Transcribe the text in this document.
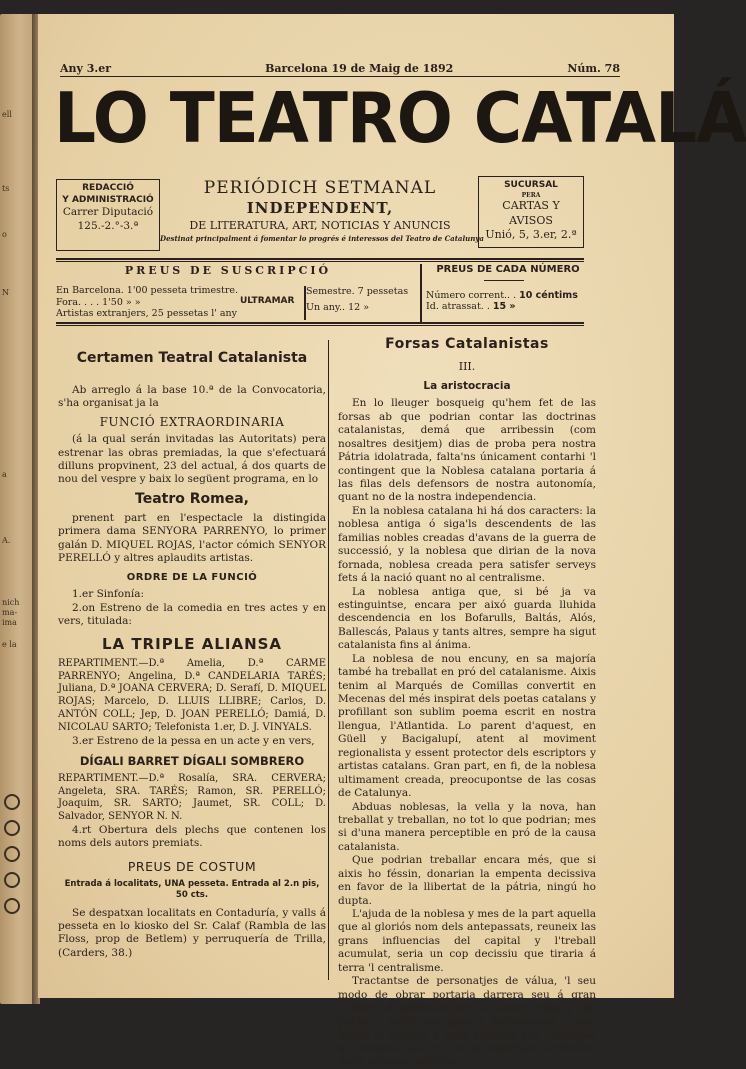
ell
ts
o
N
a
A.
nich
ma-
ima
e la
Any 3.er	Barcelona 19 de Maig de 1892	Núm. 78
LO TEATRO CATALÁ
REDACCIÓ
Y ADMINISTRACIÓ
Carrer Diputació
125.-2.°-3.ª
PERIÓDICH SETMANAL
INDEPENDENT,
DE LITERATURA, ART, NOTICIAS Y ANUNCIS
Destinat principalment á fomentar lo progrés é interessos del Teatro de Catalunya
SUCURSAL
PERA
CARTAS Y AVISOS
Unió, 5, 3.er, 2.ª
PREUS DE SUSCRIPCIÓ
En Barcelona. 1'00 pesseta trimestre.
Fora. . . . 1'50 » »
Artistas extranjers, 25 pessetas l' any
ULTRAMAR
Semestre. 7 pessetas
Un any.. 12 »
PREUS DE CADA NÚMERO
Número corrent.. . 10 céntims
Id. atrassat. . 15 »
Certamen Teatral Catalanista

Ab arreglo á la base 10.ª de la Convocatoria, s'ha organisat ja la

FUNCIÓ EXTRAORDINARIA

(á la qual serán invitadas las Autoritats) pera estrenar las obras premiadas, la que s'efectuará dilluns propvinent, 23 del actual, á dos quarts de nou del vespre y baix lo següent programa, en lo

Teatro Romea,

prenent part en l'espectacle la distingida primera dama SENYORA PARRENYO, lo primer galán D. MIQUEL ROJAS, l'actor cómich SENYOR PERELLÓ y altres aplaudits artistas.

ORDRE DE LA FUNCIÓ

1.er Sinfonía:

2.on Estreno de la comedia en tres actes y en vers, titulada:

LA TRIPLE ALIANSA

REPARTIMENT.—D.ª Amelia, D.ª CARME PARRENYO; Angelina, D.ª CANDELARIA TARÉS; Juliana, D.ª JOANA CERVERA; D. Serafí, D. MIQUEL ROJAS; Marcelo, D. LLUIS LLIBRE; Carlos, D. ANTÓN COLL; Jep, D. JOAN PERELLÓ; Damiá, D. NICOLAU SARTO; Telefonista 1.er, D. J. VINYALS.

3.er Estreno de la pessa en un acte y en vers,

DÍGALI BARRET DÍGALI SOMBRERO

REPARTIMENT.—D.ª Rosalía, SRA. CERVERA; Angeleta, SRA. TARÉS; Ramon, SR. PERELLÓ; Joaquim, SR. SARTO; Jaumet, SR. COLL; D. Salvador, SENYOR N. N.

4.rt Obertura dels plechs que contenen los noms dels autors premiats.

PREUS DE COSTUM
Entrada á localitats, UNA pesseta. Entrada al 2.n pis, 50 cts.

Se despatxan localitats en Contaduría, y valls á pesseta en lo kiosko del Sr. Calaf (Rambla de las Floss, prop de Betlem) y perruquería de Trilla, (Carders, 38.)

Forsas Catalanistas
III.
La aristocracia

En lo lleuger bosqueig qu'hem fet de las forsas ab que podrian contar las doctrinas catalanistas, demá que arribessin (com nosaltres desitjem) dias de proba pera nostra Pátria idolatrada, falta'ns únicament contarhi 'l contingent que la Noblesa catalana portaria á las filas dels defensors de nostra autonomía, quant no de la nostra independencia.

En la noblesa catalana hi há dos caracters: la noblesa antiga ó siga'ls descendents de las familias nobles creadas d'avans de la guerra de successió, y la noblesa que dirian de la nova fornada, noblesa creada pera satisfer serveys fets á la nació quant no al centralisme.

La noblesa antiga que, si bé ja va estinguintse, encara per aixó guarda lluhida descendencia en los Bofarulls, Baltás, Alós, Ballescás, Palaus y tants altres, sempre ha sigut catalanista fins al ánima.

La noblesa de nou encuny, en sa majoría també ha treballat en pró del catalanisme. Aixis tenim al Marqués de Comillas convertit en Mecenas del més inspirat dels poetas catalans y profillant son sublim poema escrit en nostra llengua, l'Atlantida. Lo parent d'aquest, en Güell y Bacigalupí, atent al moviment regionalista y essent protector dels escriptors y artistas catalans. Gran part, en fi, de la noblesa ultimament creada, preocupontse de las cosas de Catalunya.

Abduas noblesas, la vella y la nova, han treballat y treballan, no tot lo que podrian; mes si d'una manera perceptible en pró de la causa catalanista.

Que podrian treballar encara més, que si aixis ho féssin, donarian la empenta decissiva en favor de la llibertat de la pátria, ningú ho dupta.

L'ajuda de la noblesa y mes de la part aquella que al gloriós nom dels antepassats, reuneix las grans influencias del capital y l'treball acumulat, seria un cop decissiu que tiraria á terra 'l centralisme.

Tractantse de personatjes de válua, 'l seu modo de obrar portaria darrera seu á gran número d'individuos de la classe mitja y del poble, y seria mes gran l' entussiasme y mes ferma la corrent á cada adhesió; per l'exemple que donaria, que no per la importancia efectiva de la persona adherida,
